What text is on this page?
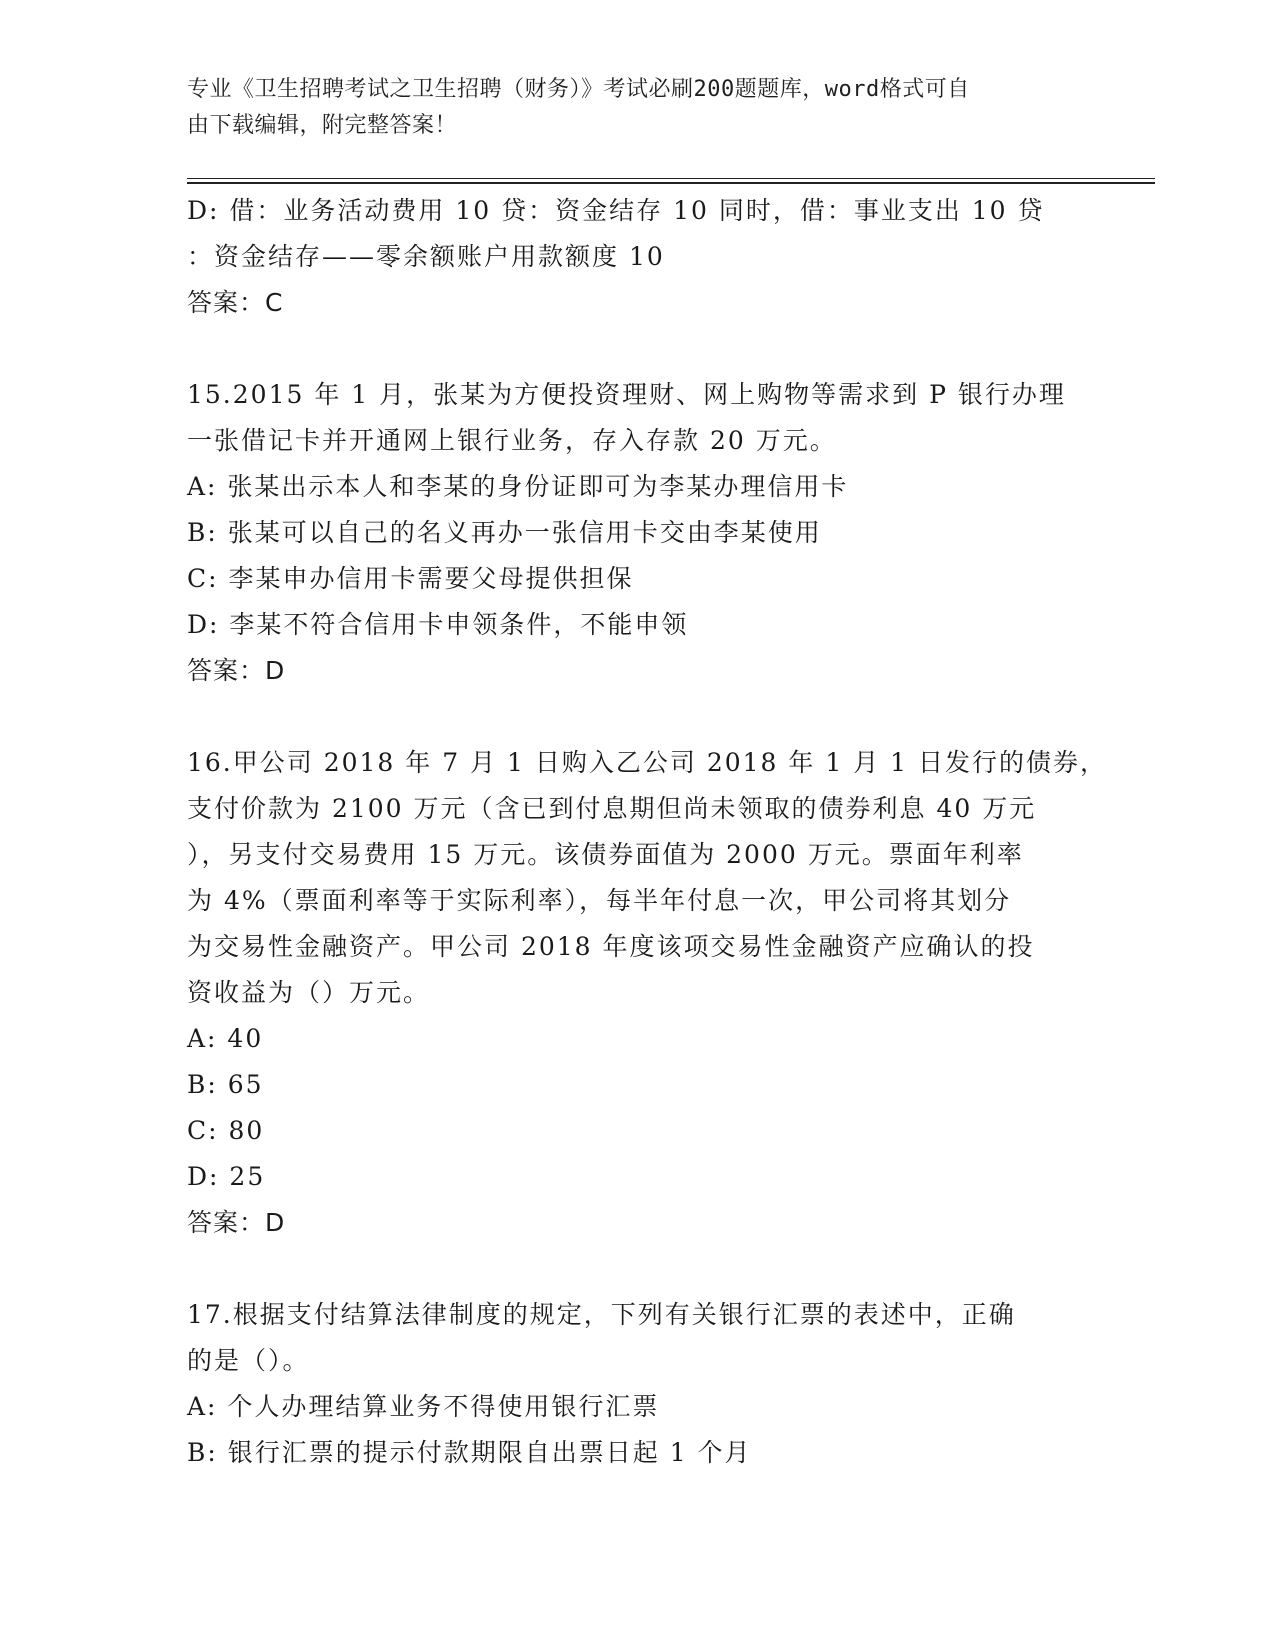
专业《卫生招聘考试之卫生招聘（财务）》考试必刷200题题库，word格式可自
由下载编辑，附完整答案！
D: 借：业务活动费用 10 贷：资金结存 10 同时，借：事业支出 10 贷
：资金结存——零余额账户用款额度 10
答案：C
15.2015 年 1 月，张某为方便投资理财、网上购物等需求到 P 银行办理
一张借记卡并开通网上银行业务，存入存款 20 万元。
A: 张某出示本人和李某的身份证即可为李某办理信用卡
B: 张某可以自己的名义再办一张信用卡交由李某使用
C: 李某申办信用卡需要父母提供担保
D: 李某不符合信用卡申领条件，不能申领
答案：D
16.甲公司 2018 年 7 月 1 日购入乙公司 2018 年 1 月 1 日发行的债券，
支付价款为 2100 万元（含已到付息期但尚未领取的债券利息 40 万元
），另支付交易费用 15 万元。该债券面值为 2000 万元。票面年利率
为 4%（票面利率等于实际利率），每半年付息一次，甲公司将其划分
为交易性金融资产。甲公司 2018 年度该项交易性金融资产应确认的投
资收益为（）万元。
A: 40
B: 65
C: 80
D: 25
答案：D
17.根据支付结算法律制度的规定，下列有关银行汇票的表述中，正确
的是（）。
A: 个人办理结算业务不得使用银行汇票
B: 银行汇票的提示付款期限自出票日起 1 个月
